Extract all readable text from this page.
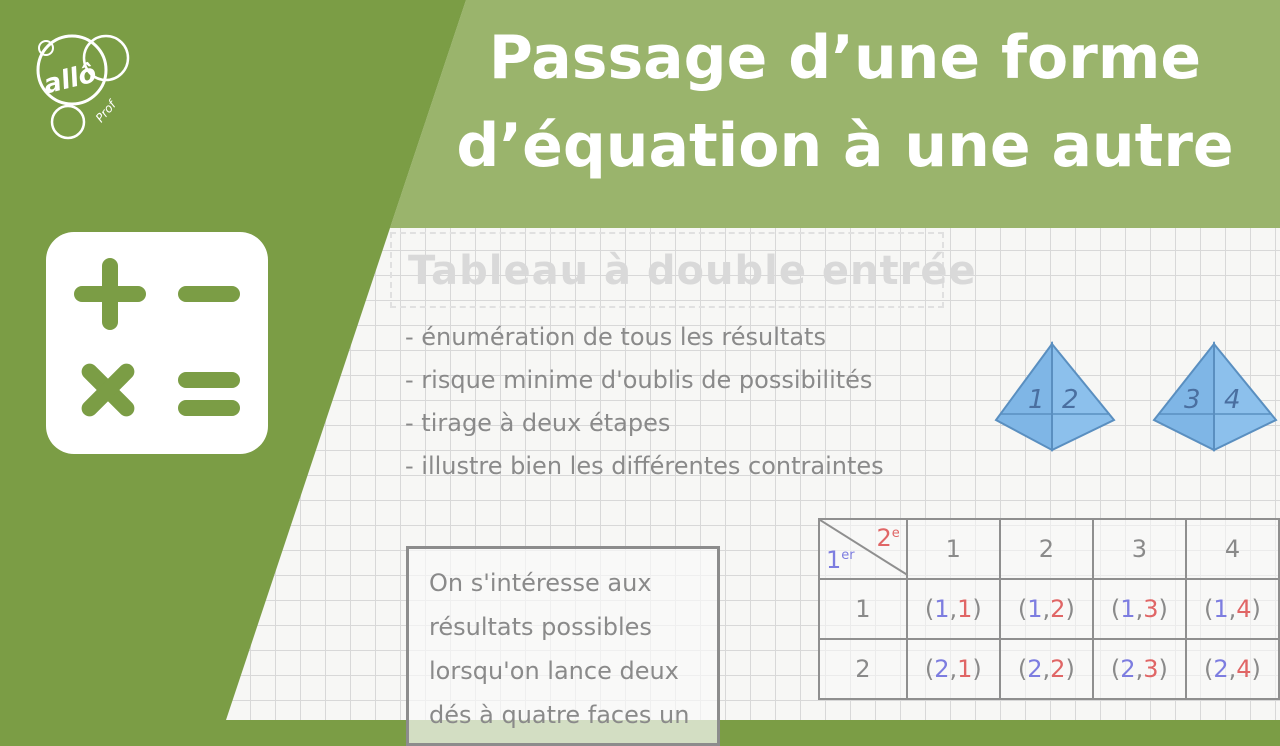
Tableau à double entrée
- énumération de tous les résultats
- risque minime d'oublis de possibilités
- tirage à deux étapes
- illustre bien les différentes contraintes
1 2	3 4
On s'intéresse aux
résultats possibles
lorsqu'on lance deux
dés à quatre faces un
2e
1er	1	2	3	4
1	(1,1)	(1,2)	(1,3)	(1,4)
2	(2,1)	(2,2)	(2,3)	(2,4)
Passage d’une forme
d’équation à une autre
allô
Prof
